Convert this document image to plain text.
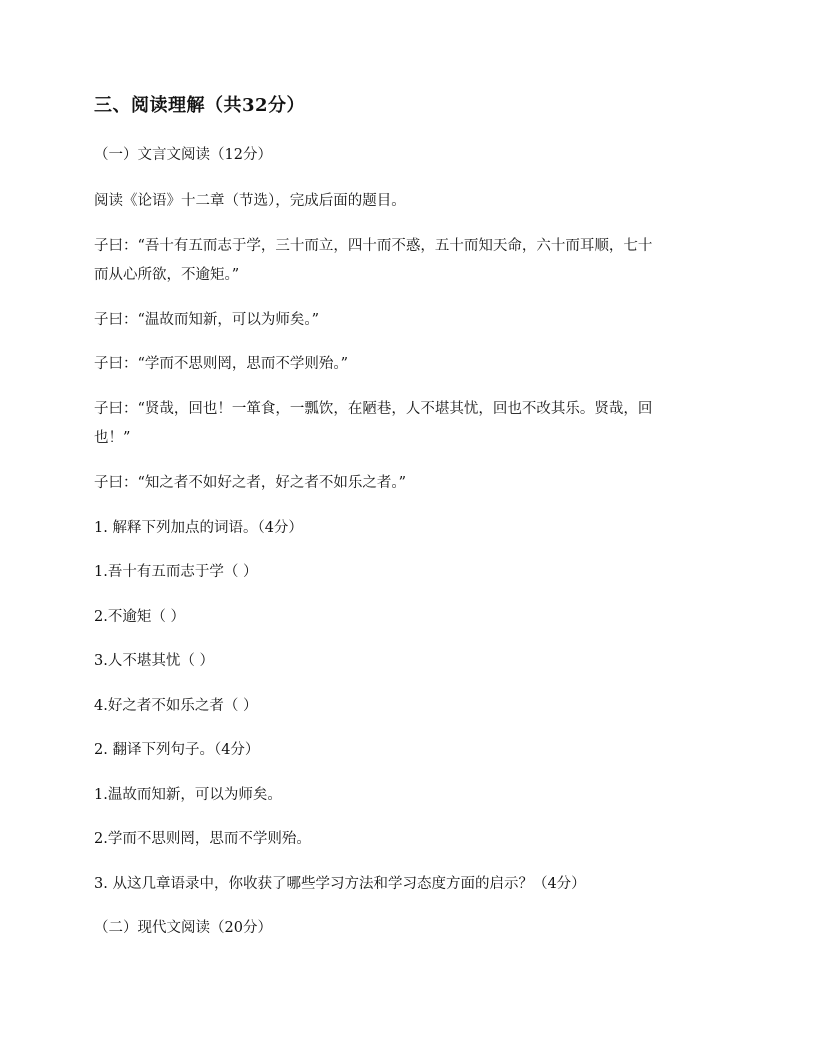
三、阅读理解（共32分）
（一）文言文阅读（12分）
阅读《论语》十二章（节选），完成后面的题目。
子曰：“吾十有五而志于学，三十而立，四十而不惑，五十而知天命，六十而耳顺，七十
而从心所欲，不逾矩。”
子曰：“温故而知新，可以为师矣。”
子曰：“学而不思则罔，思而不学则殆。”
子曰：“贤哉，回也！一箪食，一瓢饮，在陋巷，人不堪其忧，回也不改其乐。贤哉，回
也！”
子曰：“知之者不如好之者，好之者不如乐之者。”
1. 解释下列加点的词语。（4分）
1.吾十有五而志于学（ ）
2.不逾矩（ ）
3.人不堪其忧（ ）
4.好之者不如乐之者（ ）
2. 翻译下列句子。（4分）
1.温故而知新，可以为师矣。
2.学而不思则罔，思而不学则殆。
3. 从这几章语录中，你收获了哪些学习方法和学习态度方面的启示？（4分）
（二）现代文阅读（20分）
